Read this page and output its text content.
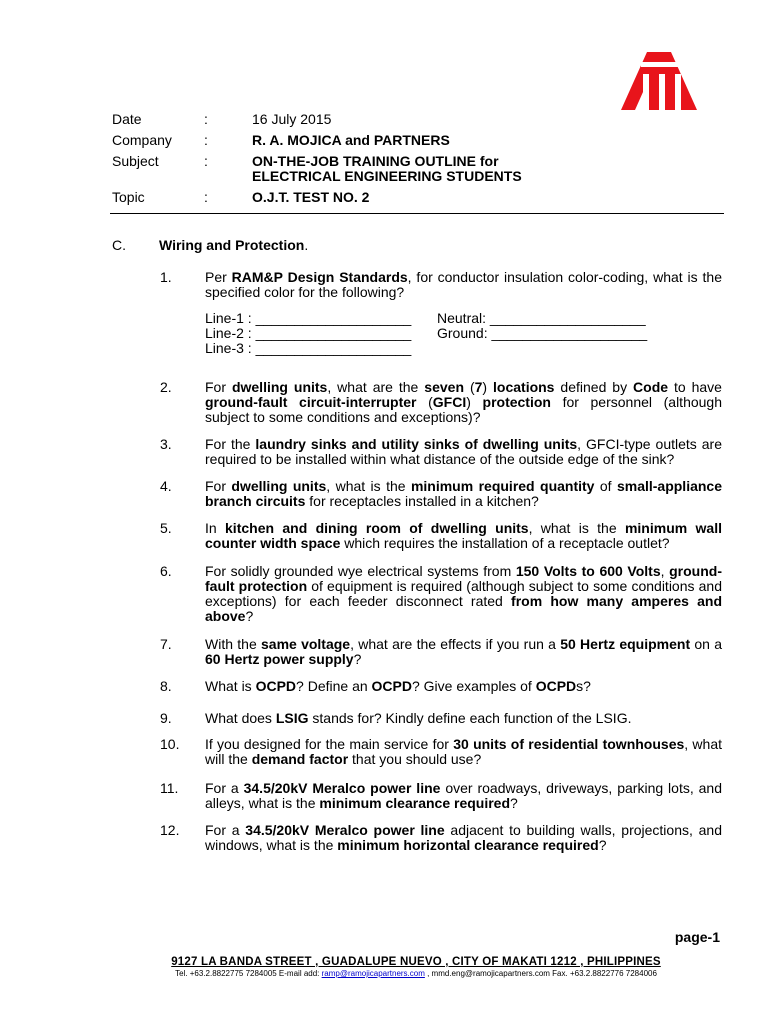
Date	:	16 July 2015
Company	:	R. A. MOJICA and PARTNERS
Subject	:	ON-THE-JOB TRAINING OUTLINE for
ELECTRICAL ENGINEERING STUDENTS
Topic	:	O.J.T. TEST NO. 2
C.	Wiring and Protection.
1.	Per RAM&P Design Standards, for conductor insulation color-coding, what is the specified color for the following?
2.	For dwelling units, what are the seven (7) locations defined by Code to have ground-fault circuit-interrupter (GFCI) protection for personnel (although subject to some conditions and exceptions)?
3.	For the laundry sinks and utility sinks of dwelling units, GFCI-type outlets are required to be installed within what distance of the outside edge of the sink?
4.	For dwelling units, what is the minimum required quantity of small-appliance branch circuits for receptacles installed in a kitchen?
5.	In kitchen and dining room of dwelling units, what is the minimum wall counter width space which requires the installation of a receptacle outlet?
6.	For solidly grounded wye electrical systems from 150 Volts to 600 Volts, ground-fault protection of equipment is required (although subject to some conditions and exceptions) for each feeder disconnect rated from how many amperes and above?
7.	With the same voltage, what are the effects if you run a 50 Hertz equipment on a 60 Hertz power supply?
8.	What is OCPD? Define an OCPD? Give examples of OCPDs?
9.	What does LSIG stands for? Kindly define each function of the LSIG.
10.	If you designed for the main service for 30 units of residential townhouses, what will the demand factor that you should use?
11.	For a 34.5/20kV Meralco power line over roadways, driveways, parking lots, and alleys, what is the minimum clearance required?
12.	For a 34.5/20kV Meralco power line adjacent to building walls, projections, and windows, what is the minimum horizontal clearance required?
Line-1 : ____________________	Neutral: ____________________
Line-2 : ____________________	Ground: ____________________
Line-3 : ____________________
page-1
9127 LA BANDA STREET , GUADALUPE NUEVO , CITY OF MAKATI 1212 , PHILIPPINES
Tel. +63.2.8822775 7284005 E-mail add: ramp@ramojicapartners.com , mmd.eng@ramojicapartners.com Fax. +63.2.8822776 7284006
